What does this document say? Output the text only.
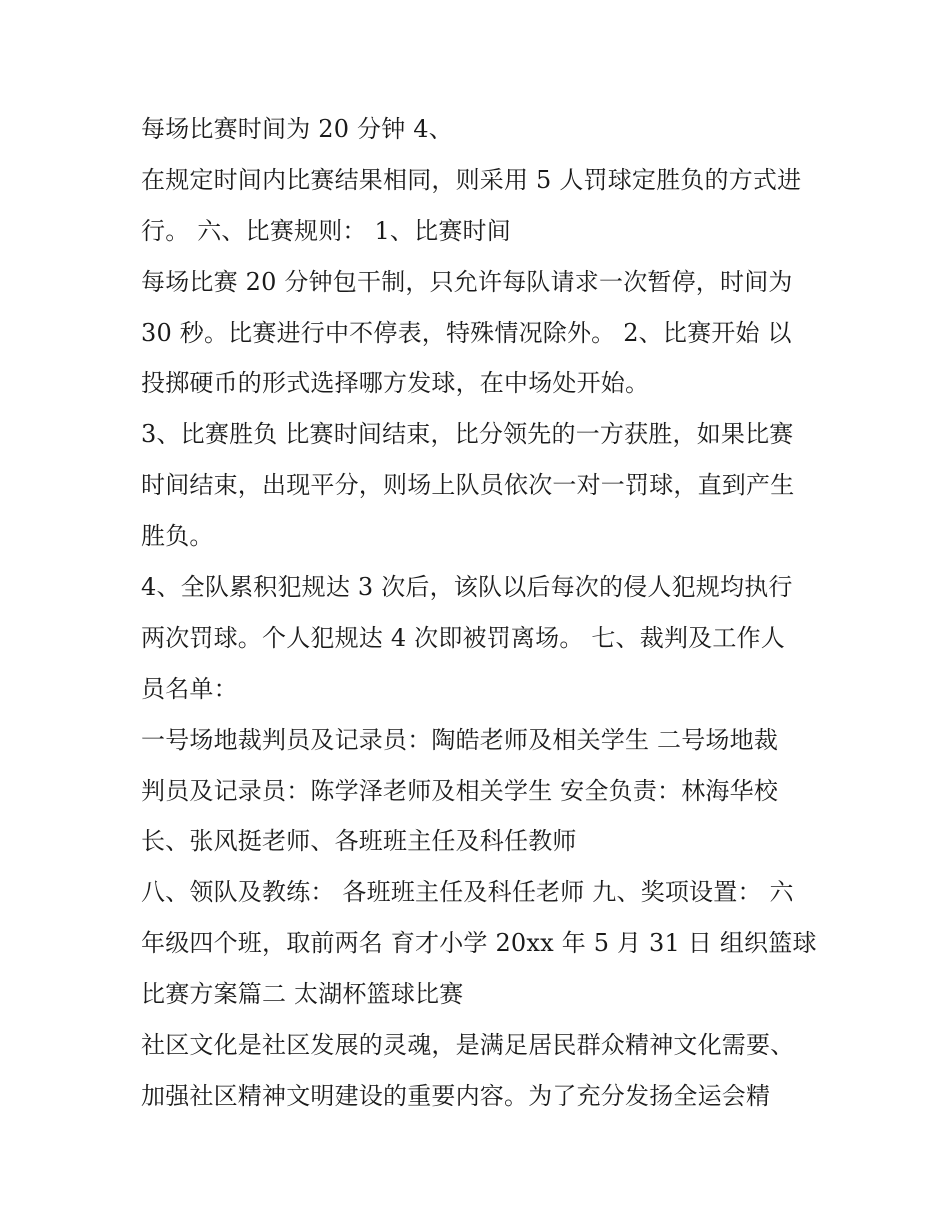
每场比赛时间为 20 分钟 4、
在规定时间内比赛结果相同，则采用 5 人罚球定胜负的方式进
行。 六、比赛规则： 1、比赛时间
每场比赛 20 分钟包干制，只允许每队请求一次暂停，时间为
30 秒。比赛进行中不停表，特殊情况除外。 2、比赛开始 以
投掷硬币的形式选择哪方发球，在中场处开始。
3、比赛胜负 比赛时间结束，比分领先的一方获胜，如果比赛
时间结束，出现平分，则场上队员依次一对一罚球，直到产生
胜负。
4、全队累积犯规达 3 次后，该队以后每次的侵人犯规均执行
两次罚球。个人犯规达 4 次即被罚离场。 七、裁判及工作人
员名单：
一号场地裁判员及记录员：陶皓老师及相关学生 二号场地裁
判员及记录员：陈学泽老师及相关学生 安全负责：林海华校
长、张风挺老师、各班班主任及科任教师
八、领队及教练： 各班班主任及科任老师 九、奖项设置： 六
年级四个班，取前两名 育才小学 20xx 年 5 月 31 日 组织篮球
比赛方案篇二 太湖杯篮球比赛
社区文化是社区发展的灵魂，是满足居民群众精神文化需要、
加强社区精神文明建设的重要内容。为了充分发扬全运会精
